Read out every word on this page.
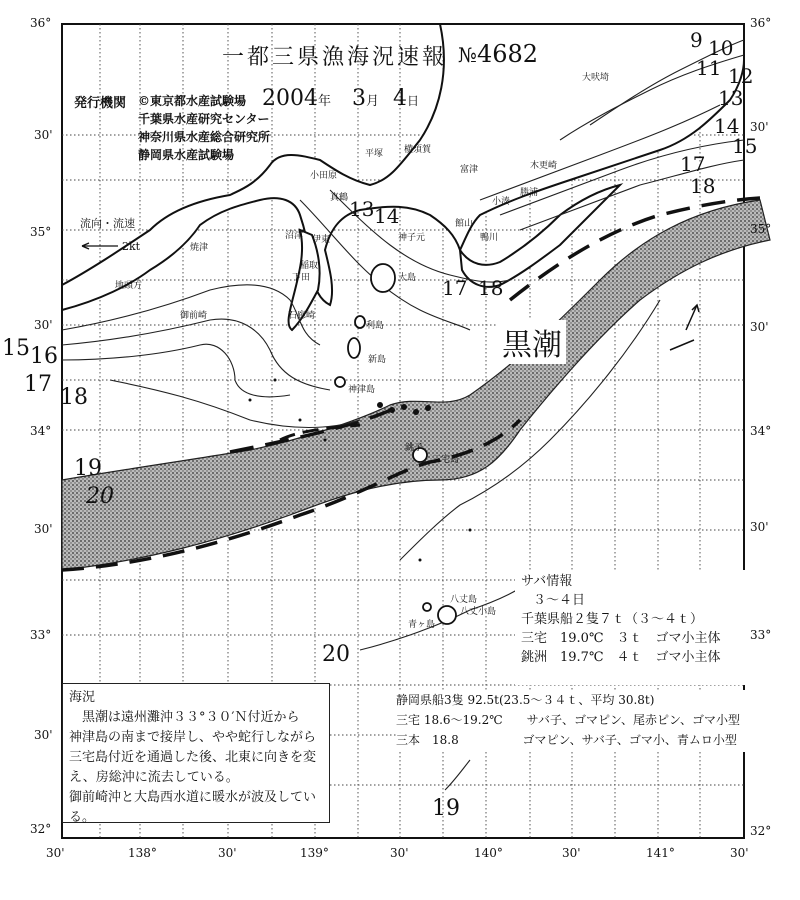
一都三県漁海況速報 №4682
発行機関	2004年 3月 4日
©東京都水産試験場
千葉県水産研究センター
神奈川県水産総合研究所
静岡県水産試験場
流向・流速
2kt
黒潮
9 10
11 12
13
14
15
17
18
13 14
17 18
15 16
17
18
19
20
20
19
大吠埼
平塚 横須賀
富津
小田原
木更崎
勝浦
真鶴
館山
小湊
伊東	鴨川
焼津
沼津
稲取
下田
地頭方
御前崎	石廊崎
利島
新島
神津島
三宅島
大島
銚子
八丈島
青ヶ島
八丈小島
神子元
36°
30'
35°
30'
34°
30'
33°
30'
32°
36°
30'
35°
30'
34°
30'
33°
32°
30'	138°	30'	139°	30'	140°	30'	141°	30'
サバ情報
３～４日
千葉県船２隻７ｔ（３～４ｔ）
三宅　19.0℃　３ｔ　ゴマ小主体
銚洲　19.7℃　４ｔ　ゴマ小主体
静岡県船3隻 92.5t(23.5～３４ｔ、平均 30.8t)
三宅 18.6～19.2℃　　サバ子、ゴマピン、尾赤ピン、ゴマ小型
三本　18.8　　　　　 ゴマピン、サバ子、ゴマ小、青ムロ小型
海況
　黒潮は遠州灘沖３３°３０′Ｎ付近から
神津島の南まで接岸し、やや蛇行しながら
三宅島付近を通過した後、北東に向きを変
え、房総沖に流去している。
御前崎沖と大島西水道に暖水が波及してい
る。
